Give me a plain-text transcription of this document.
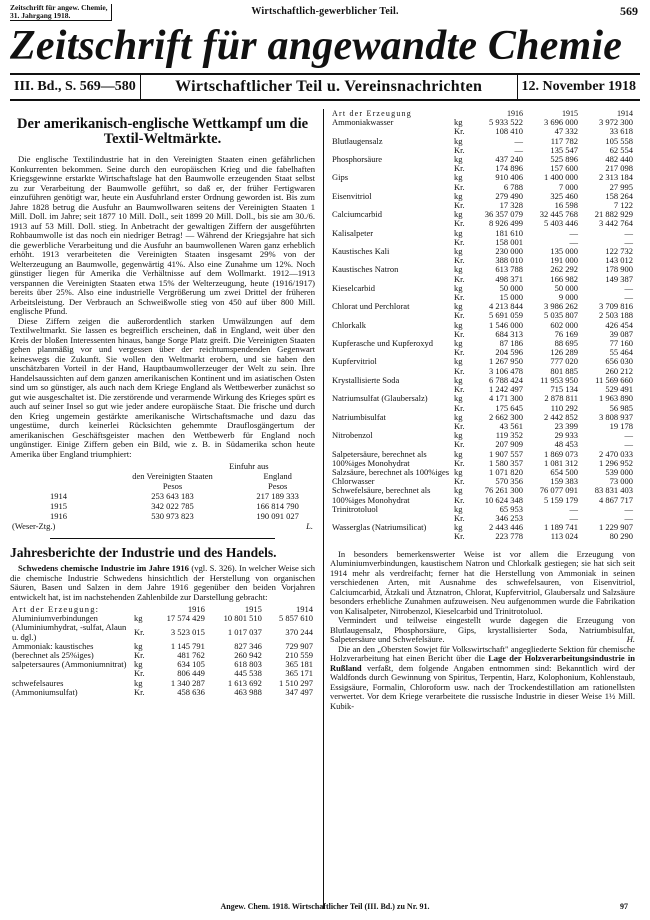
Zeitschrift für angew. Chemie,
31. Jahrgang 1918.	Wirtschaftlich-gewerblicher Teil.	569
Zeitschrift für angewandte Chemie
III. Bd., S. 569—580	Wirtschaftlicher Teil u. Vereinsnachrichten	12. November 1918
Der amerikanisch-englische Wettkampf um die
Textil-Weltmärkte.

Die englische Textilindustrie hat in den Vereinigten Staaten einen gefährlichen Konkurrenten bekommen. Seine durch den europäischen Krieg und die fabelhaften Kriegsgewinne erstarkte Wirtschaftslage hat den Baumwolle erzeugenden Staat selbst zu zur Verarbeitung der Baumwolle geführt, so daß er, der früher Fertigwaren einzuführen genötigt war, heute ein Ausfuhrland erster Ordnung geworden ist. Bis zum Jahre 1828 betrug die Ausfuhr an Baumwollwaren seitens der Vereinigten Staaten 1 Mill. Doll. im Jahre; seit 1877 10 Mill. Doll., seit 1899 20 Mill. Doll., bis sie am 30./6. 1913 auf 53 Mill. Doll. stieg. In Anbetracht der gewaltigen Ziffern der ausgeführten Rohbaumwolle ist das noch ein niedriger Betrag! — Während der Kriegsjahre hat sich die gewerbliche Verarbeitung und die Ausfuhr an baumwollenen Waren ganz erheblich erhöht. 1913 verarbeiteten die Vereinigten Staaten insgesamt 29% von der Welterzeugung an Baumwolle, gegenwärtig 41%. Also eine Zunahme um 12%. Noch günstiger liegen für Amerika die Verhältnisse auf dem Wollmarkt. 1912—1913 verspannen die Vereinigten Staaten etwa 15% der Welterzeugung, heute (1916/1917) bereits über 25%. Also eine industrielle Vergrößerung um zwei Drittel der früheren Arbeitsleistung. Der Verbrauch an Schweißwolle stieg von 450 auf über 800 Mill. englische Pfund.

Diese Ziffern zeigen die außerordentlich starken Umwälzungen auf dem Textilweltmarkt. Sie lassen es begreiflich erscheinen, daß in England, weit über den Kreis der bloßen Interessenten hinaus, bange Sorge Platz greift. Die Vereinigten Staaten gehen planmäßig vor und vergessen über der reichtumspendenden Gegenwart keineswegs die Zukunft. Sie wollen den Weltmarkt erobern, und sie haben den unschätzbaren Vorteil in der Hand, Hauptbaumwollerzeuger der Welt zu sein. Ihre Handelsaussichten auf dem ganzen amerikanischen Kontinent und im asiatischen Osten sind um so günstiger, als auch nach dem Kriege England als Wettbewerber zunächst so gut wie ausgeschaltet ist. Die zerstörende und verarmende Wirkung des Krieges spürt es auch auf seiner Insel so gut wie jeder andere europäische Staat. Die frische und durch den Krieg ungemein gestärkte amerikanische Wirtschaftsmache und dazu das ungestüme, durch keinerlei Rücksichten gehemmte Drauflosgängertum der amerikanischen Geschäftsgeister machen den Wettbewerb für England noch ungünstiger. Einige Ziffern geben ein Bild, wie z. B. in Südamerika schon heute Amerika über England triumphiert:

	Einfuhr aus	
	den Vereinigten Staaten	England
	Pesos	Pesos
1914	253 643 183	217 189 333
1915	342 022 785	166 814 790
1916	530 973 823	190 091 027
(Weser-Ztg.)		L.
Jahresberichte der Industrie und des Handels.

Schwedens chemische Industrie im Jahre 1916 (vgl. S. 326). In welcher Weise sich die chemische Industrie Schwedens hinsichtlich der Herstellung von organischen Säuren, Basen und Salzen in dem Jahre 1916 gegenüber den beiden Vorjahren entwickelt hat, ist im nachstehenden Zahlenbilde zur Darstellung gebracht:

Art der Erzeugung:		1916	1915	1914
Aluminiumverbindungen (Aluminiumhydrat, -sulfat, Alaun u. dgl.)	kg	17 574 429	10 801 510	5 857 610
	Kr.	3 523 015	1 017 037	370 244
Ammoniak: kaustisches (berechnet als 25%iges)	kg	1 145 791	827 346	729 907
	Kr.	481 762	260 942	210 559
salpetersaures (Ammoniumnitrat)	kg	634 105	618 803	365 181
	Kr.	806 449	445 538	365 171
schwefelsaures (Ammoniumsulfat)	kg	1 340 287	1 613 692	1 510 297
	Kr.	458 636	463 988	347 497
Art der Erzeugung		1916	1915	1914
Ammoniakwasser	kg	5 933 522	3 696 000	3 972 300
	Kr.	108 410	47 332	33 618
Blutlaugensalz	kg	—	117 782	105 558
	Kr.	—	135 547	62 554
Phosphorsäure	kg	437 240	525 896	482 440
	Kr.	174 896	157 600	217 098
Gips	kg	910 406	1 400 000	2 313 184
	Kr.	6 788	7 000	27 995
Eisenvitriol	kg	279 490	325 460	158 264
	Kr.	17 328	16 598	7 122
Calciumcarbid	kg	36 357 079	32 445 768	21 882 929
	Kr.	8 926 499	5 403 446	3 442 764
Kalisalpeter	kg	181 610	—	—
	Kr.	158 001	—	—
Kaustisches Kali	kg	230 000	135 000	122 732
	Kr.	388 010	191 000	143 012
Kaustisches Natron	kg	613 788	262 292	178 900
	Kr.	498 371	166 982	149 387
Kieselcarbid	kg	50 000	50 000	—
	Kr.	15 000	9 000	—
Chlorat und Perchlorat	kg	4 213 844	3 986 262	3 709 816
	Kr.	5 691 059	5 035 807	2 503 188
Chlorkalk	kg	1 546 000	602 000	426 454
	Kr.	684 313	76 169	39 087
Kupferasche und Kupferoxyd	kg	87 186	88 695	77 160
	Kr.	204 596	126 289	55 464
Kupfervitriol	kg	1 267 950	777 020	656 030
	Kr.	3 106 478	801 885	260 212
Krystallisierte Soda	kg	6 788 424	11 953 950	11 569 660
	Kr.	1 242 497	715 134	529 491
Natriumsulfat (Glaubersalz)	kg	4 171 300	2 878 811	1 963 890
	Kr.	175 645	110 292	56 985
Natriumbisulfat	kg	2 662 300	2 442 852	3 808 937
	Kr.	43 561	23 399	19 178
Nitrobenzol	kg	119 352	29 933	—
	Kr.	207 909	48 453	—
Salpetersäure, berechnet als 100%iges Monohydrat	kg	1 907 557	1 869 073	2 470 033
	Kr.	1 580 357	1 081 312	1 296 952
Salzsäure, berechnet als 100%iges Chlorwasser	kg	1 071 820	654 500	539 000
	Kr.	570 356	159 383	73 000
Schwefelsäure, berechnet als 100%iges Monohydrat	kg	76 261 300	76 077 091	83 831 403
	Kr.	10 624 348	5 159 179	4 867 717
Trinitrotoluol	kg	65 953	—	—
	Kr.	346 253	—	—
Wasserglas (Natriumsilicat)	kg	2 443 446	1 189 741	1 229 907
	Kr.	223 778	113 024	80 290

In besonders bemerkenswerter Weise ist vor allem die Erzeugung von Aluminiumverbindungen, kaustischem Natron und Chlorkalk gestiegen; sie hat sich seit 1914 mehr als verdreifacht; ferner hat die Herstellung von Ammoniak in seinen verschiedenen Arten, mit Ausnahme des schwefelsauren, von Eisenvitriol, Calciumcarbid, Ätzkali und Ätznatron, Chlorat, Kupfervitriol, Glaubersalz und Salzsäure besonders erhebliche Zunahmen aufzuweisen. Neu aufgenommen wurde die Fabrikation von Kalisalpeter, Nitrobenzol, Kieselcarbid und Trinitrotoluol.

Vermindert und teilweise eingestellt wurde dagegen die Erzeugung von Blutlaugensalz, Phosphorsäure, Gips, krystallisierter Soda, Natriumbisulfat, Salpetersäure und Schwefelsäure.	H.

Die an den „Obersten Sowjet für Volkswirtschaft" angegliederte Sektion für chemische Holzverarbeitung hat einen Bericht über die Lage der Holzverarbeitungsindustrie in Rußland verfaßt, dem folgende Angaben entnommen sind: Bekanntlich wird der Waldfonds durch Gewinnung von Spiritus, Terpentin, Harz, Kolophonium, Kohlenstaub, Essigsäure, Formalin, Chloroform usw. nach der Trockendestillation am rationellsten verwertet. Vor dem Kriege verarbeitete die russische Industrie in dieser Weise 1½ Mill. Kubik-

Angew. Chem. 1918. Wirtschaftlicher Teil (III. Bd.) zu Nr. 91.	97
